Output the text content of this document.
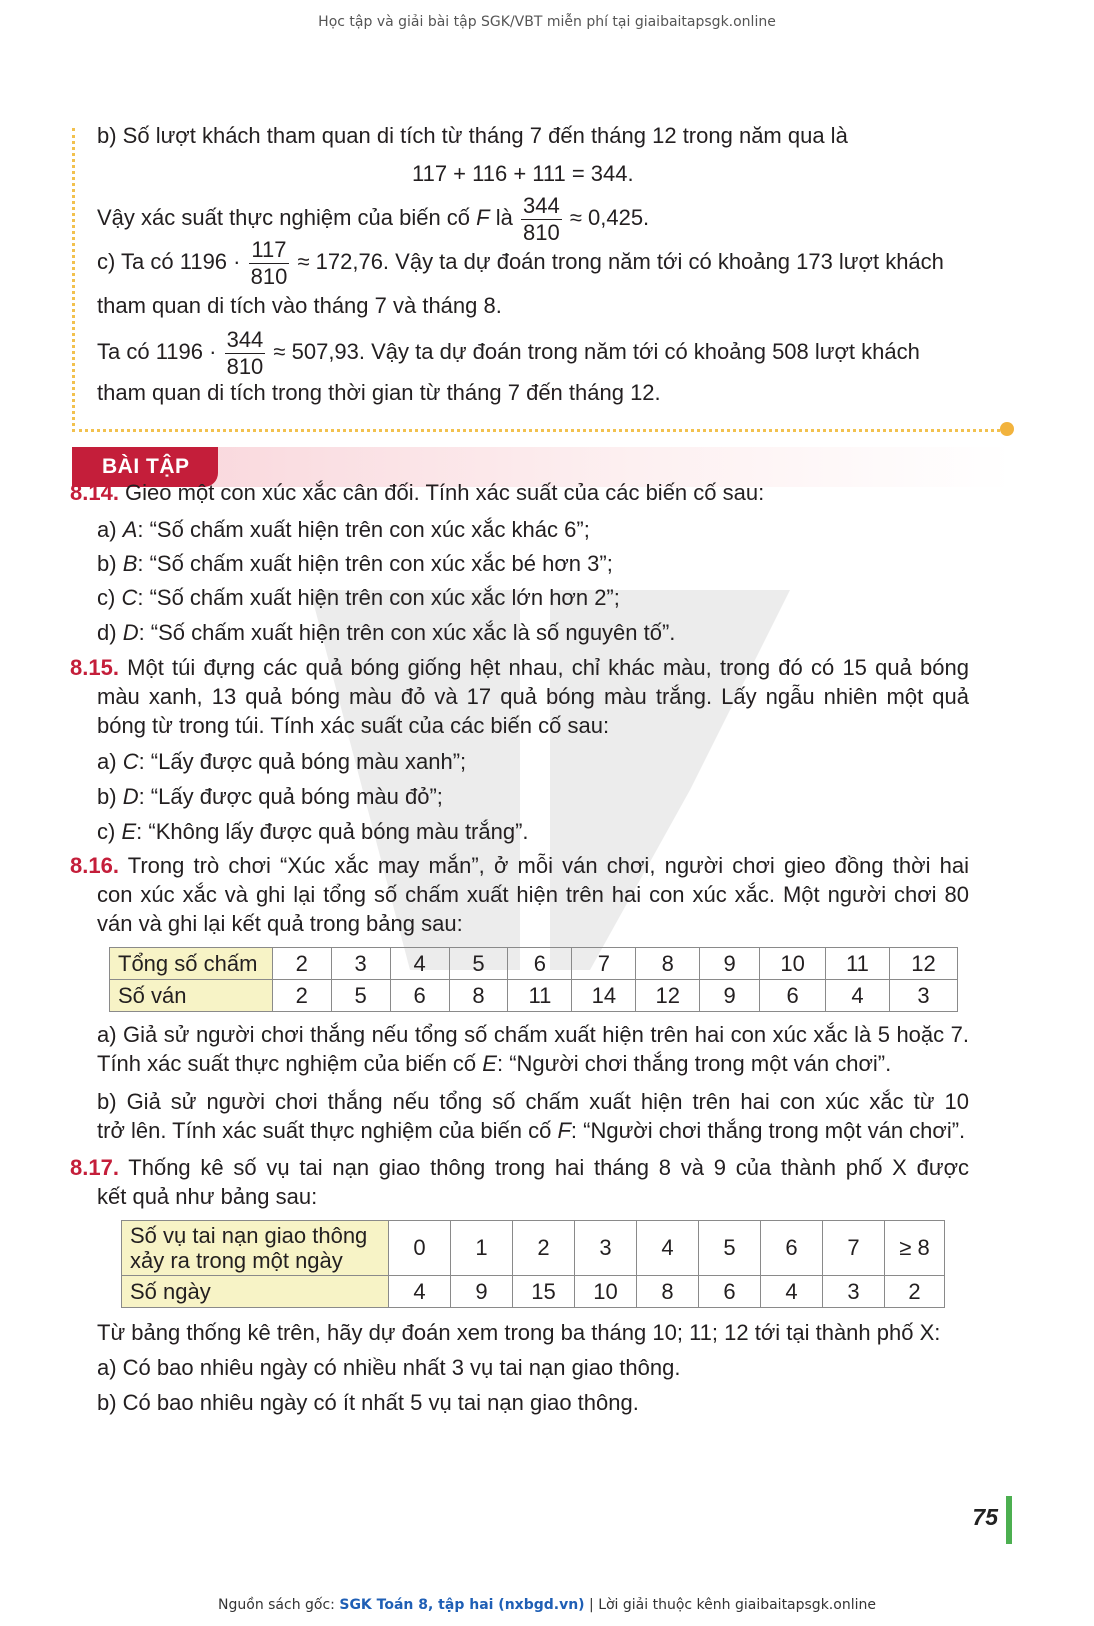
Học tập và giải bài tập SGK/VBT miễn phí tại giaibaitapsgk.online
b) Số lượt khách tham quan di tích từ tháng 7 đến tháng 12 trong năm qua là
117 + 116 + 111 = 344.
Vậy xác suất thực nghiệm của biến cố F là $\frac{344}{810} \approx 0,425$.
c) Ta có $1196 \cdot \frac{117}{810} \approx 172,76$. Vậy ta dự đoán trong năm tới có khoảng 173 lượt khách
tham quan di tích vào tháng 7 và tháng 8.
Ta có $1196 \cdot \frac{344}{810} \approx 507,93$. Vậy ta dự đoán trong năm tới có khoảng 508 lượt khách
tham quan di tích trong thời gian từ tháng 7 đến tháng 12.
BÀI TẬP
8.14. Gieo một con xúc xắc cân đối. Tính xác suất của các biến cố sau:
a) A: “Số chấm xuất hiện trên con xúc xắc khác 6”;
b) B: “Số chấm xuất hiện trên con xúc xắc bé hơn 3”;
c) C: “Số chấm xuất hiện trên con xúc xắc lớn hơn 2”;
d) D: “Số chấm xuất hiện trên con xúc xắc là số nguyên tố”.
8.15. Một túi đựng các quả bóng giống hệt nhau, chỉ khác màu, trong đó có 15 quả bóng
màu xanh, 13 quả bóng màu đỏ và 17 quả bóng màu trắng. Lấy ngẫu nhiên một quả
bóng từ trong túi. Tính xác suất của các biến cố sau:
a) C: “Lấy được quả bóng màu xanh”;
b) D: “Lấy được quả bóng màu đỏ”;
c) E: “Không lấy được quả bóng màu trắng”.
8.16. Trong trò chơi “Xúc xắc may mắn”, ở mỗi ván chơi, người chơi gieo đồng thời hai
con xúc xắc và ghi lại tổng số chấm xuất hiện trên hai con xúc xắc. Một người chơi 80
ván và ghi lại kết quả trong bảng sau:
Tổng số chấm	2	3	4	5	6	7	8	9	10	11	12
Số ván	2	5	6	8	11	14	12	9	6	4	3
a) Giả sử người chơi thắng nếu tổng số chấm xuất hiện trên hai con xúc xắc là 5 hoặc 7.
Tính xác suất thực nghiệm của biến cố E: “Người chơi thắng trong một ván chơi”.
b) Giả sử người chơi thắng nếu tổng số chấm xuất hiện trên hai con xúc xắc từ 10
trở lên. Tính xác suất thực nghiệm của biến cố F: “Người chơi thắng trong một ván chơi”.
8.17. Thống kê số vụ tai nạn giao thông trong hai tháng 8 và 9 của thành phố X được
kết quả như bảng sau:
Số vụ tai nạn giao thông
xảy ra trong một ngày	0	1	2	3	4	5	6	7	≥ 8
Số ngày	4	9	15	10	8	6	4	3	2
Từ bảng thống kê trên, hãy dự đoán xem trong ba tháng 10; 11; 12 tới tại thành phố X:
a) Có bao nhiêu ngày có nhiều nhất 3 vụ tai nạn giao thông.
b) Có bao nhiêu ngày có ít nhất 5 vụ tai nạn giao thông.
75
Nguồn sách gốc: SGK Toán 8, tập hai (nxbgd.vn) | Lời giải thuộc kênh giaibaitapsgk.online
